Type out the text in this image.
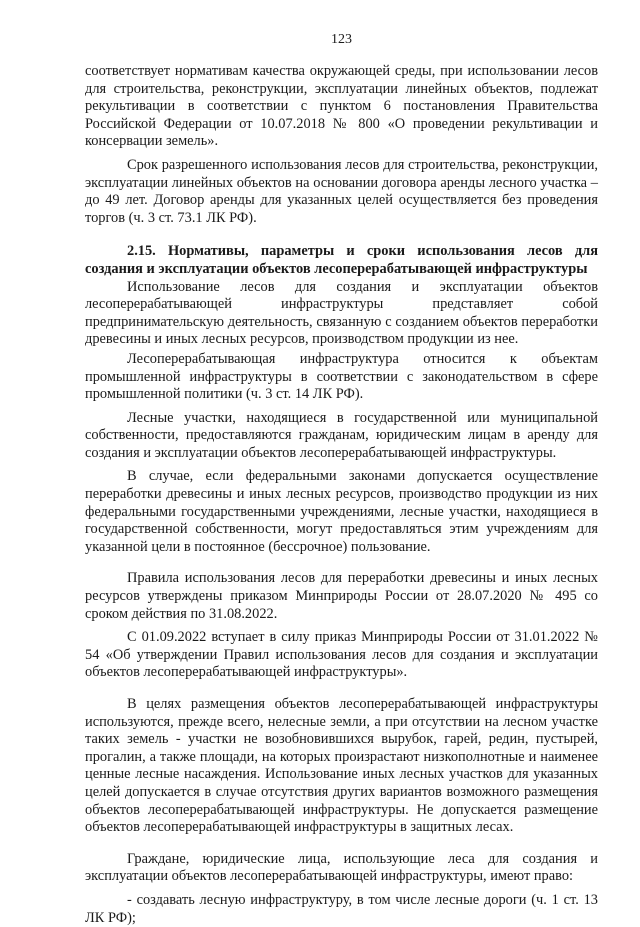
123

соответствует нормативам качества окружающей среды, при использовании лесов для строительства, реконструкции, эксплуатации линейных объектов, подлежат рекультивации в соответствии с пунктом 6 постановления Правительства Российской Федерации от 10.07.2018 № 800 «О проведении рекультивации и консервации земель».

Срок разрешенного использования лесов для строительства, реконструкции, эксплуатации линейных объектов на основании договора аренды лесного участка – до 49 лет. Договор аренды для указанных целей осуществляется без проведения торгов (ч. 3 ст. 73.1 ЛК РФ).

2.15. Нормативы, параметры и сроки использования лесов для создания и эксплуатации объектов лесоперерабатывающей инфраструктуры

Использование лесов для создания и эксплуатации объектов лесоперерабатывающей инфраструктуры представляет собой предпринимательскую деятельность, связанную с созданием объектов переработки древесины и иных лесных ресурсов, производством продукции из нее.

Лесоперерабатывающая инфраструктура относится к объектам промышленной инфраструктуры в соответствии с законодательством в сфере промышленной политики (ч. 3 ст. 14 ЛК РФ).

Лесные участки, находящиеся в государственной или муниципальной собственности, предоставляются гражданам, юридическим лицам в аренду для создания и эксплуатации объектов лесоперерабатывающей инфраструктуры.

В случае, если федеральными законами допускается осуществление переработки древесины и иных лесных ресурсов, производство продукции из них федеральными государственными учреждениями, лесные участки, находящиеся в государственной собственности, могут предоставляться этим учреждениям для указанной цели в постоянное (бессрочное) пользование.

Правила использования лесов для переработки древесины и иных лесных ресурсов утверждены приказом Минприроды России от 28.07.2020 № 495 со сроком действия по 31.08.2022.

С 01.09.2022 вступает в силу приказ Минприроды России от 31.01.2022 № 54 «Об утверждении Правил использования лесов для создания и эксплуатации объектов лесоперерабатывающей инфраструктуры».

В целях размещения объектов лесоперерабатывающей инфраструктуры используются, прежде всего, нелесные земли, а при отсутствии на лесном участке таких земель - участки не возобновившихся вырубок, гарей, редин, пустырей, прогалин, а также площади, на которых произрастают низкополнотные и наименее ценные лесные насаждения. Использование иных лесных участков для указанных целей допускается в случае отсутствия других вариантов возможного размещения объектов лесоперерабатывающей инфраструктуры. Не допускается размещение объектов лесоперерабатывающей инфраструктуры в защитных лесах.

Граждане, юридические лица, использующие леса для создания и эксплуатации объектов лесоперерабатывающей инфраструктуры, имеют право:

- создавать лесную инфраструктуру, в том числе лесные дороги (ч. 1 ст. 13 ЛК РФ);
